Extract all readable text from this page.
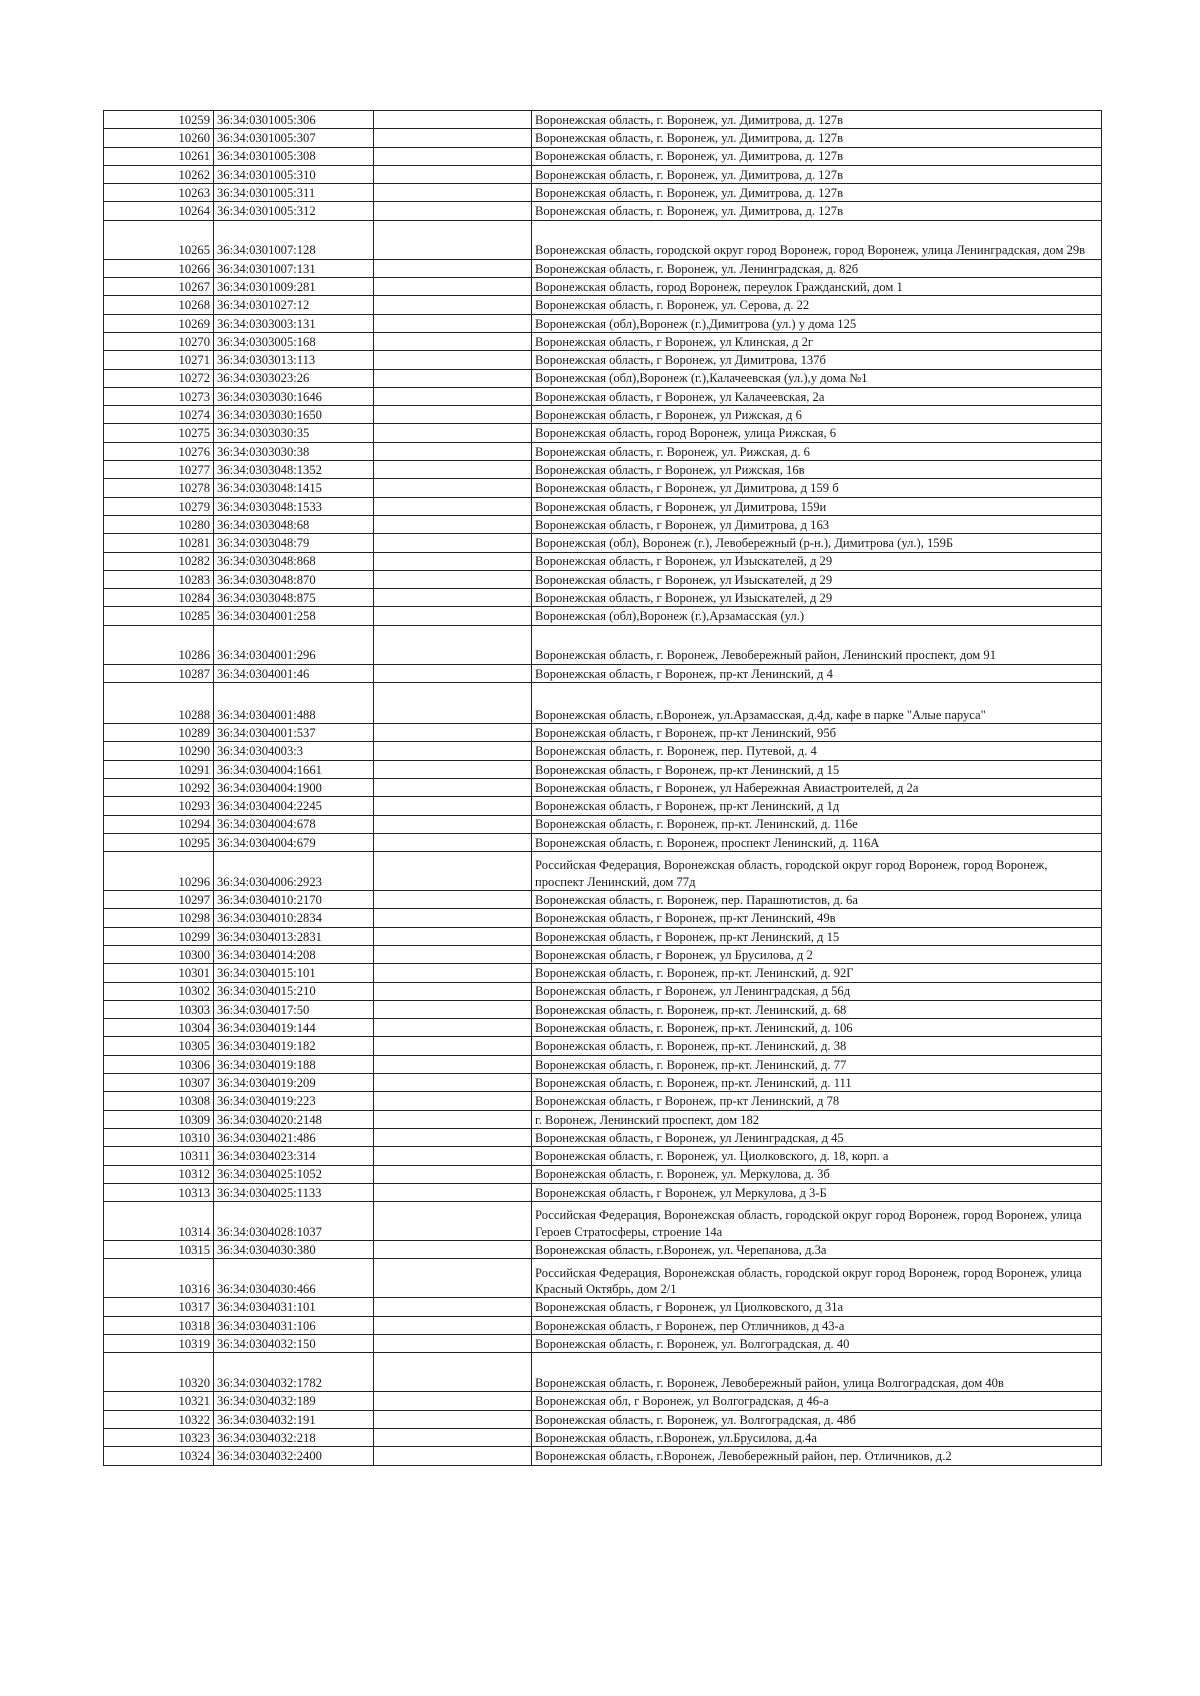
10259	36:34:0301005:306		Воронежская область, г. Воронеж, ул. Димитрова, д. 127в
10260	36:34:0301005:307		Воронежская область, г. Воронеж, ул. Димитрова, д. 127в
10261	36:34:0301005:308		Воронежская область, г. Воронеж, ул. Димитрова, д. 127в
10262	36:34:0301005:310		Воронежская область, г. Воронеж, ул. Димитрова, д. 127в
10263	36:34:0301005:311		Воронежская область, г. Воронеж, ул. Димитрова, д. 127в
10264	36:34:0301005:312		Воронежская область, г. Воронеж, ул. Димитрова, д. 127в
10265	36:34:0301007:128		Воронежская область, городской округ город Воронеж, город Воронеж, улица Ленинградская, дом 29в
10266	36:34:0301007:131		Воронежская область, г. Воронеж, ул. Ленинградская, д. 82б
10267	36:34:0301009:281		Воронежская область, город Воронеж, переулок Гражданский, дом 1
10268	36:34:0301027:12		Воронежская область, г. Воронеж, ул. Серова, д. 22
10269	36:34:0303003:131		Воронежская (обл),Воронеж (г.),Димитрова (ул.) у дома 125
10270	36:34:0303005:168		Воронежская область, г Воронеж, ул Клинская, д 2г
10271	36:34:0303013:113		Воронежская область, г Воронеж, ул Димитрова, 137б
10272	36:34:0303023:26		Воронежская (обл),Воронеж (г.),Калачеевская (ул.),у дома №1
10273	36:34:0303030:1646		Воронежская область, г Воронеж, ул Калачеевская, 2а
10274	36:34:0303030:1650		Воронежская область, г Воронеж, ул Рижская, д 6
10275	36:34:0303030:35		Воронежская область, город Воронеж, улица Рижская, 6
10276	36:34:0303030:38		Воронежская область, г. Воронеж, ул. Рижская, д. 6
10277	36:34:0303048:1352		Воронежская область, г Воронеж, ул Рижская, 16в
10278	36:34:0303048:1415		Воронежская область, г Воронеж, ул Димитрова, д 159 б
10279	36:34:0303048:1533		Воронежская область, г Воронеж, ул Димитрова, 159и
10280	36:34:0303048:68		Воронежская область, г Воронеж, ул Димитрова, д 163
10281	36:34:0303048:79		Воронежская (обл), Воронеж (г.), Левобережный (р-н.), Димитрова (ул.), 159Б
10282	36:34:0303048:868		Воронежская область, г Воронеж, ул Изыскателей, д 29
10283	36:34:0303048:870		Воронежская область, г Воронеж, ул Изыскателей, д 29
10284	36:34:0303048:875		Воронежская область, г Воронеж, ул Изыскателей, д 29
10285	36:34:0304001:258		Воронежская (обл),Воронеж (г.),Арзамасская (ул.)
10286	36:34:0304001:296		Воронежская область, г. Воронеж, Левобережный район, Ленинский проспект, дом 91
10287	36:34:0304001:46		Воронежская область, г Воронеж, пр-кт Ленинский, д 4
10288	36:34:0304001:488		Воронежская область, г.Воронеж, ул.Арзамасская, д.4д, кафе в парке "Алые паруса"
10289	36:34:0304001:537		Воронежская область, г Воронеж, пр-кт Ленинский, 95б
10290	36:34:0304003:3		Воронежская область, г. Воронеж, пер. Путевой, д. 4
10291	36:34:0304004:1661		Воронежская область, г Воронеж, пр-кт Ленинский, д 15
10292	36:34:0304004:1900		Воронежская область, г Воронеж, ул Набережная Авиастроителей, д 2а
10293	36:34:0304004:2245		Воронежская область, г Воронеж, пр-кт Ленинский, д 1д
10294	36:34:0304004:678		Воронежская область, г. Воронеж, пр-кт. Ленинский, д. 116е
10295	36:34:0304004:679		Воронежская область, г. Воронеж, проспект Ленинский, д. 116А
10296	36:34:0304006:2923		Российская Федерация, Воронежская область, городской округ город Воронеж, город Воронеж, проспект Ленинский, дом 77д
10297	36:34:0304010:2170		Воронежская область, г. Воронеж, пер. Парашютистов, д. 6а
10298	36:34:0304010:2834		Воронежская область, г Воронеж, пр-кт Ленинский, 49в
10299	36:34:0304013:2831		Воронежская область, г Воронеж, пр-кт Ленинский, д 15
10300	36:34:0304014:208		Воронежская область, г Воронеж, ул Брусилова, д 2
10301	36:34:0304015:101		Воронежская область, г. Воронеж, пр-кт. Ленинский, д. 92Г
10302	36:34:0304015:210		Воронежская область, г Воронеж, ул Ленинградская, д 56д
10303	36:34:0304017:50		Воронежская область, г. Воронеж, пр-кт. Ленинский, д. 68
10304	36:34:0304019:144		Воронежская область, г. Воронеж, пр-кт. Ленинский, д. 106
10305	36:34:0304019:182		Воронежская область, г. Воронеж, пр-кт. Ленинский, д. 38
10306	36:34:0304019:188		Воронежская область, г. Воронеж, пр-кт. Ленинский, д. 77
10307	36:34:0304019:209		Воронежская область, г. Воронеж, пр-кт. Ленинский, д. 111
10308	36:34:0304019:223		Воронежская область, г Воронеж, пр-кт Ленинский, д 78
10309	36:34:0304020:2148		г. Воронеж, Ленинский проспект, дом 182
10310	36:34:0304021:486		Воронежская область, г Воронеж, ул Ленинградская, д 45
10311	36:34:0304023:314		Воронежская область, г. Воронеж, ул. Циолковского, д. 18, корп. а
10312	36:34:0304025:1052		Воронежская область, г. Воронеж, ул. Меркулова, д. 3б
10313	36:34:0304025:1133		Воронежская область, г Воронеж, ул Меркулова, д 3-Б
10314	36:34:0304028:1037		Российская Федерация, Воронежская область, городской округ город Воронеж, город Воронеж, улица Героев Стратосферы, строение 14а
10315	36:34:0304030:380		Воронежская область, г.Воронеж, ул. Черепанова, д.3а
10316	36:34:0304030:466		Российская Федерация, Воронежская область, городской округ город Воронеж, город Воронеж, улица Красный Октябрь, дом 2/1
10317	36:34:0304031:101		Воронежская область, г Воронеж, ул Циолковского, д 31а
10318	36:34:0304031:106		Воронежская область, г Воронеж, пер Отличников, д 43-а
10319	36:34:0304032:150		Воронежская область, г. Воронеж, ул. Волгоградская, д. 40
10320	36:34:0304032:1782		Воронежская область, г. Воронеж, Левобережный район, улица Волгоградская, дом 40в
10321	36:34:0304032:189		Воронежская обл, г Воронеж, ул Волгоградская, д 46-а
10322	36:34:0304032:191		Воронежская область, г. Воронеж, ул. Волгоградская, д. 48б
10323	36:34:0304032:218		Воронежская область, г.Воронеж, ул.Брусилова, д.4а
10324	36:34:0304032:2400		Воронежская область, г.Воронеж, Левобережный район, пер. Отличников, д.2
